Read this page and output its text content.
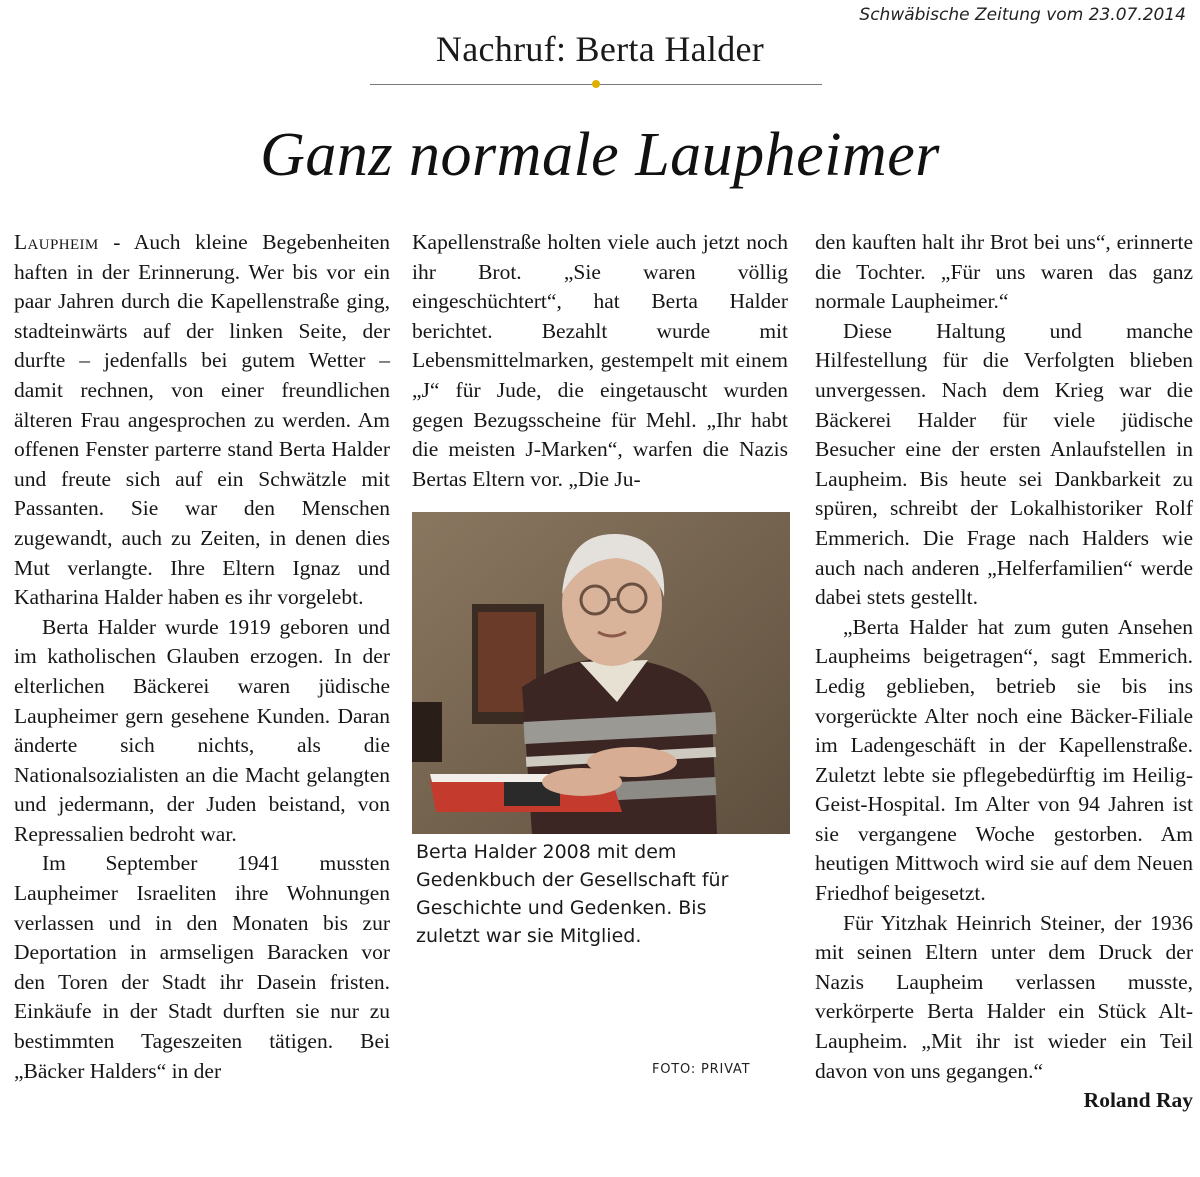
Schwäbische Zeitung vom 23.07.2014
Nachruf: Berta Halder
Ganz normale Laupheimer

Laupheim - Auch kleine Begebenheiten haften in der Erinnerung. Wer bis vor ein paar Jahren durch die Kapellenstraße ging, stadteinwärts auf der linken Seite, der durfte – jedenfalls bei gutem Wetter – damit rechnen, von einer freundlichen älteren Frau angesprochen zu werden. Am offenen Fenster parterre stand Berta Halder und freute sich auf ein Schwätzle mit Passanten. Sie war den Menschen zugewandt, auch zu Zeiten, in denen dies Mut verlangte. Ihre Eltern Ignaz und Katharina Halder haben es ihr vorgelebt.

Berta Halder wurde 1919 geboren und im katholischen Glauben erzogen. In der elterlichen Bäckerei waren jüdische Laupheimer gern gesehene Kunden. Daran änderte sich nichts, als die Nationalsozialisten an die Macht gelangten und jedermann, der Juden beistand, von Repressalien bedroht war.

Im September 1941 mussten Laupheimer Israeliten ihre Wohnungen verlassen und in den Monaten bis zur Deportation in armseligen Baracken vor den Toren der Stadt ihr Dasein fristen. Einkäufe in der Stadt durften sie nur zu bestimmten Tageszeiten tätigen. Bei „Bäcker Halders“ in der

Kapellenstraße holten viele auch jetzt noch ihr Brot. „Sie waren völlig eingeschüchtert“, hat Berta Halder berichtet. Bezahlt wurde mit Lebensmittelmarken, gestempelt mit einem „J“ für Jude, die eingetauscht wurden gegen Bezugsscheine für Mehl. „Ihr habt die meisten J-Marken“, warfen die Nazis Bertas Eltern vor. „Die Ju-

Berta Halder 2008 mit dem Gedenkbuch der Gesellschaft für Geschichte und Gedenken. Bis zuletzt war sie Mitglied.
FOTO: PRIVAT

den kauften halt ihr Brot bei uns“, erinnerte die Tochter. „Für uns waren das ganz normale Laupheimer.“

Diese Haltung und manche Hilfestellung für die Verfolgten blieben unvergessen. Nach dem Krieg war die Bäckerei Halder für viele jüdische Besucher eine der ersten Anlaufstellen in Laupheim. Bis heute sei Dankbarkeit zu spüren, schreibt der Lokalhistoriker Rolf Emmerich. Die Frage nach Halders wie auch nach anderen „Helferfamilien“ werde dabei stets gestellt.

„Berta Halder hat zum guten Ansehen Laupheims beigetragen“, sagt Emmerich. Ledig geblieben, betrieb sie bis ins vorgerückte Alter noch eine Bäcker-Filiale im Ladengeschäft in der Kapellenstraße. Zuletzt lebte sie pflegebedürftig im Heilig-Geist-Hospital. Im Alter von 94 Jahren ist sie vergangene Woche gestorben. Am heutigen Mittwoch wird sie auf dem Neuen Friedhof beigesetzt.

Für Yitzhak Heinrich Steiner, der 1936 mit seinen Eltern unter dem Druck der Nazis Laupheim verlassen musste, verkörperte Berta Halder ein Stück Alt-Laupheim. „Mit ihr ist wieder ein Teil davon von uns gegangen.“

Roland Ray
